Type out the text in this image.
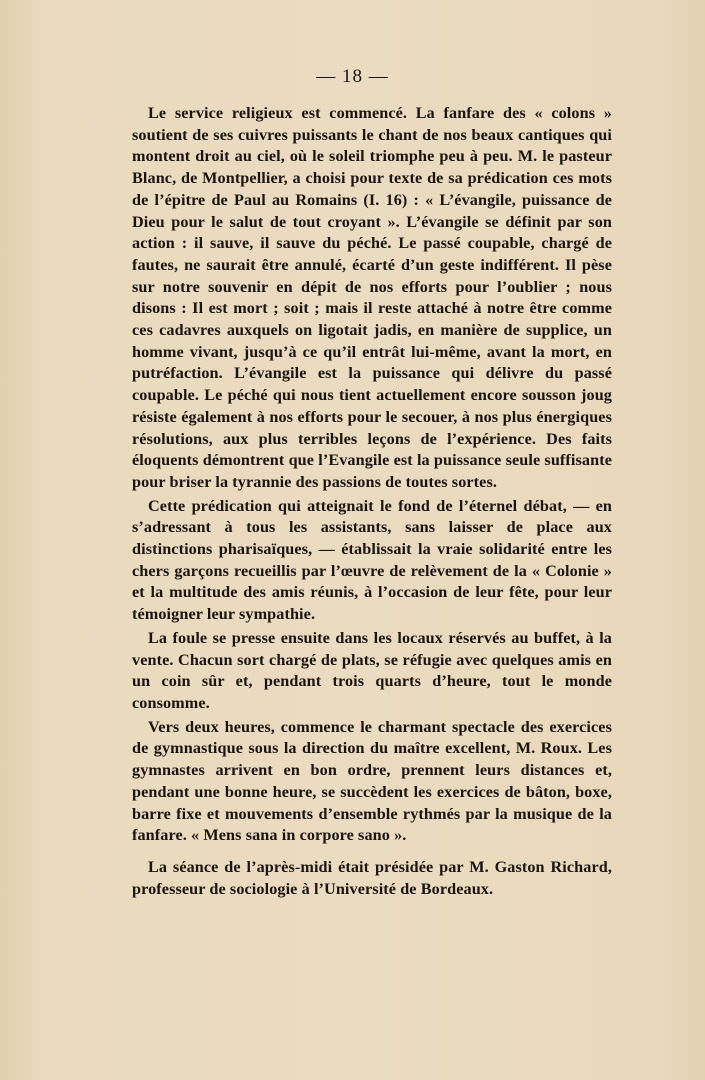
— 18 —

Le service religieux est commencé. La fanfare des « colons » soutient de ses cuivres puissants le chant de nos beaux cantiques qui montent droit au ciel, où le soleil triomphe peu à peu. M. le pasteur Blanc, de Montpellier, a choisi pour texte de sa prédication ces mots de l’épitre de Paul au Romains (I. 16) : « L’évangile, puissance de Dieu pour le salut de tout croyant ». L’évangile se définit par son action : il sauve, il sauve du péché. Le passé coupable, chargé de fautes, ne saurait être annulé, écarté d’un geste indifférent. Il pèse sur notre souvenir en dépit de nos efforts pour l’oublier ; nous disons : Il est mort ; soit ; mais il reste attaché à notre être comme ces cadavres auxquels on ligotait jadis, en manière de supplice, un homme vivant, jusqu’à ce qu’il entrât lui-même, avant la mort, en putréfaction. L’évangile est la puissance qui délivre du passé coupable. Le péché qui nous tient actuellement encore sousson joug résiste également à nos efforts pour le secouer, à nos plus énergiques résolutions, aux plus terribles leçons de l’expérience. Des faits éloquents démontrent que l’Evangile est la puissance seule suffisante pour briser la tyrannie des passions de toutes sortes.

Cette prédication qui atteignait le fond de l’éternel débat, — en s’adressant à tous les assistants, sans laisser de place aux distinctions pharisaïques, — établissait la vraie solidarité entre les chers garçons recueillis par l’œuvre de relèvement de la « Colonie » et la multitude des amis réunis, à l’occasion de leur fête, pour leur témoigner leur sympathie.

La foule se presse ensuite dans les locaux réservés au buffet, à la vente. Chacun sort chargé de plats, se réfugie avec quelques amis en un coin sûr et, pendant trois quarts d’heure, tout le monde consomme.

Vers deux heures, commence le charmant spectacle des exercices de gymnastique sous la direction du maître excellent, M. Roux. Les gymnastes arrivent en bon ordre, prennent leurs distances et, pendant une bonne heure, se succèdent les exercices de bâton, boxe, barre fixe et mouvements d’ensemble rythmés par la musique de la fanfare. « Mens sana in corpore sano ».

La séance de l’après-midi était présidée par M. Gaston Richard, professeur de sociologie à l’Université de Bordeaux.
